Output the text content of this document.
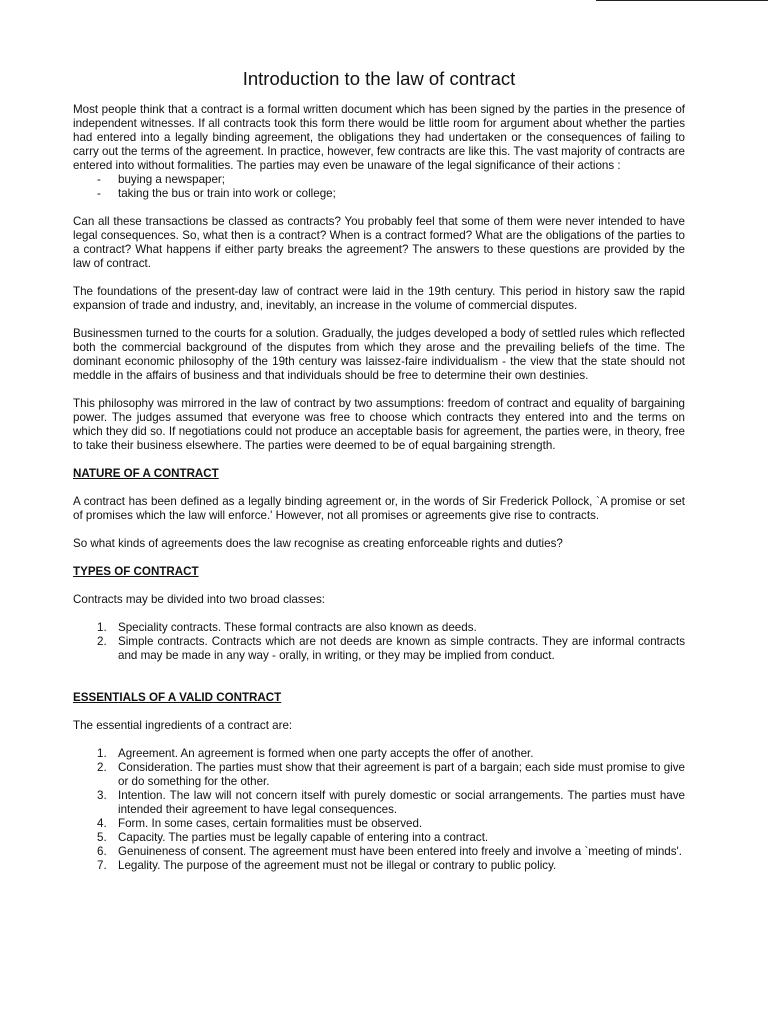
Introduction to the law of contract

Most people think that a contract is a formal written document which has been signed by the parties in the presence of independent witnesses. If all contracts took this form there would be little room for argument about whether the parties had entered into a legally binding agreement, the obligations they had undertaken or the consequences of failing to carry out the terms of the agreement. In practice, however, few contracts are like this. The vast majority of contracts are entered into without formalities. The parties may even be unaware of the legal significance of their actions :

- buying a newspaper;
- taking the bus or train into work or college;

Can all these transactions be classed as contracts? You probably feel that some of them were never intended to have legal consequences. So, what then is a contract? When is a contract formed? What are the obligations of the parties to a contract? What happens if either party breaks the agreement? The answers to these questions are provided by the law of contract.

The foundations of the present-day law of contract were laid in the 19th century. This period in history saw the rapid expansion of trade and industry, and, inevitably, an increase in the volume of commercial disputes.

Businessmen turned to the courts for a solution. Gradually, the judges developed a body of settled rules which reflected both the commercial background of the disputes from which they arose and the prevailing beliefs of the time. The dominant economic philosophy of the 19th century was laissez-faire individualism - the view that the state should not meddle in the affairs of business and that individuals should be free to determine their own destinies.

This philosophy was mirrored in the law of contract by two assumptions: freedom of contract and equality of bargaining power. The judges assumed that everyone was free to choose which contracts they entered into and the terms on which they did so. If negotiations could not produce an acceptable basis for agreement, the parties were, in theory, free to take their business elsewhere. The parties were deemed to be of equal bargaining strength.

NATURE OF A CONTRACT

A contract has been defined as a legally binding agreement or, in the words of Sir Frederick Pollock, `A promise or set of promises which the law will enforce.' However, not all promises or agreements give rise to contracts.

So what kinds of agreements does the law recognise as creating enforceable rights and duties?

TYPES OF CONTRACT

Contracts may be divided into two broad classes:

1. Speciality contracts. These formal contracts are also known as deeds.
2. Simple contracts. Contracts which are not deeds are known as simple contracts. They are informal contracts and may be made in any way - orally, in writing, or they may be implied from conduct.
ESSENTIALS OF A VALID CONTRACT

The essential ingredients of a contract are:

1. Agreement. An agreement is formed when one party accepts the offer of another.
2. Consideration. The parties must show that their agreement is part of a bargain; each side must promise to give or do something for the other.
3. Intention. The law will not concern itself with purely domestic or social arrangements. The parties must have intended their agreement to have legal consequences.
4. Form. In some cases, certain formalities must be observed.
5. Capacity. The parties must be legally capable of entering into a contract.
6. Genuineness of consent. The agreement must have been entered into freely and involve a `meeting of minds'.
7. Legality. The purpose of the agreement must not be illegal or contrary to public policy.
